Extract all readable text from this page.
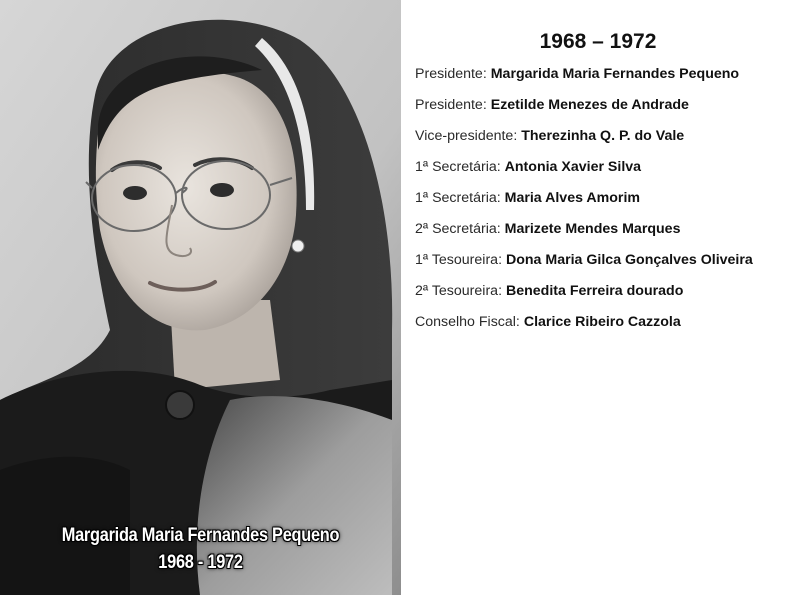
Margarida Maria Fernandes Pequeno
1968 - 1972
1968 – 1972
Presidente: Margarida Maria Fernandes Pequeno
Presidente: Ezetilde Menezes de Andrade
Vice-presidente: Therezinha Q. P. do Vale
1ª Secretária: Antonia Xavier Silva
1ª Secretária: Maria Alves Amorim
2ª Secretária: Marizete Mendes Marques
1ª Tesoureira: Dona Maria Gilca Gonçalves Oliveira
2ª Tesoureira: Benedita Ferreira dourado
Conselho Fiscal: Clarice Ribeiro Cazzola
